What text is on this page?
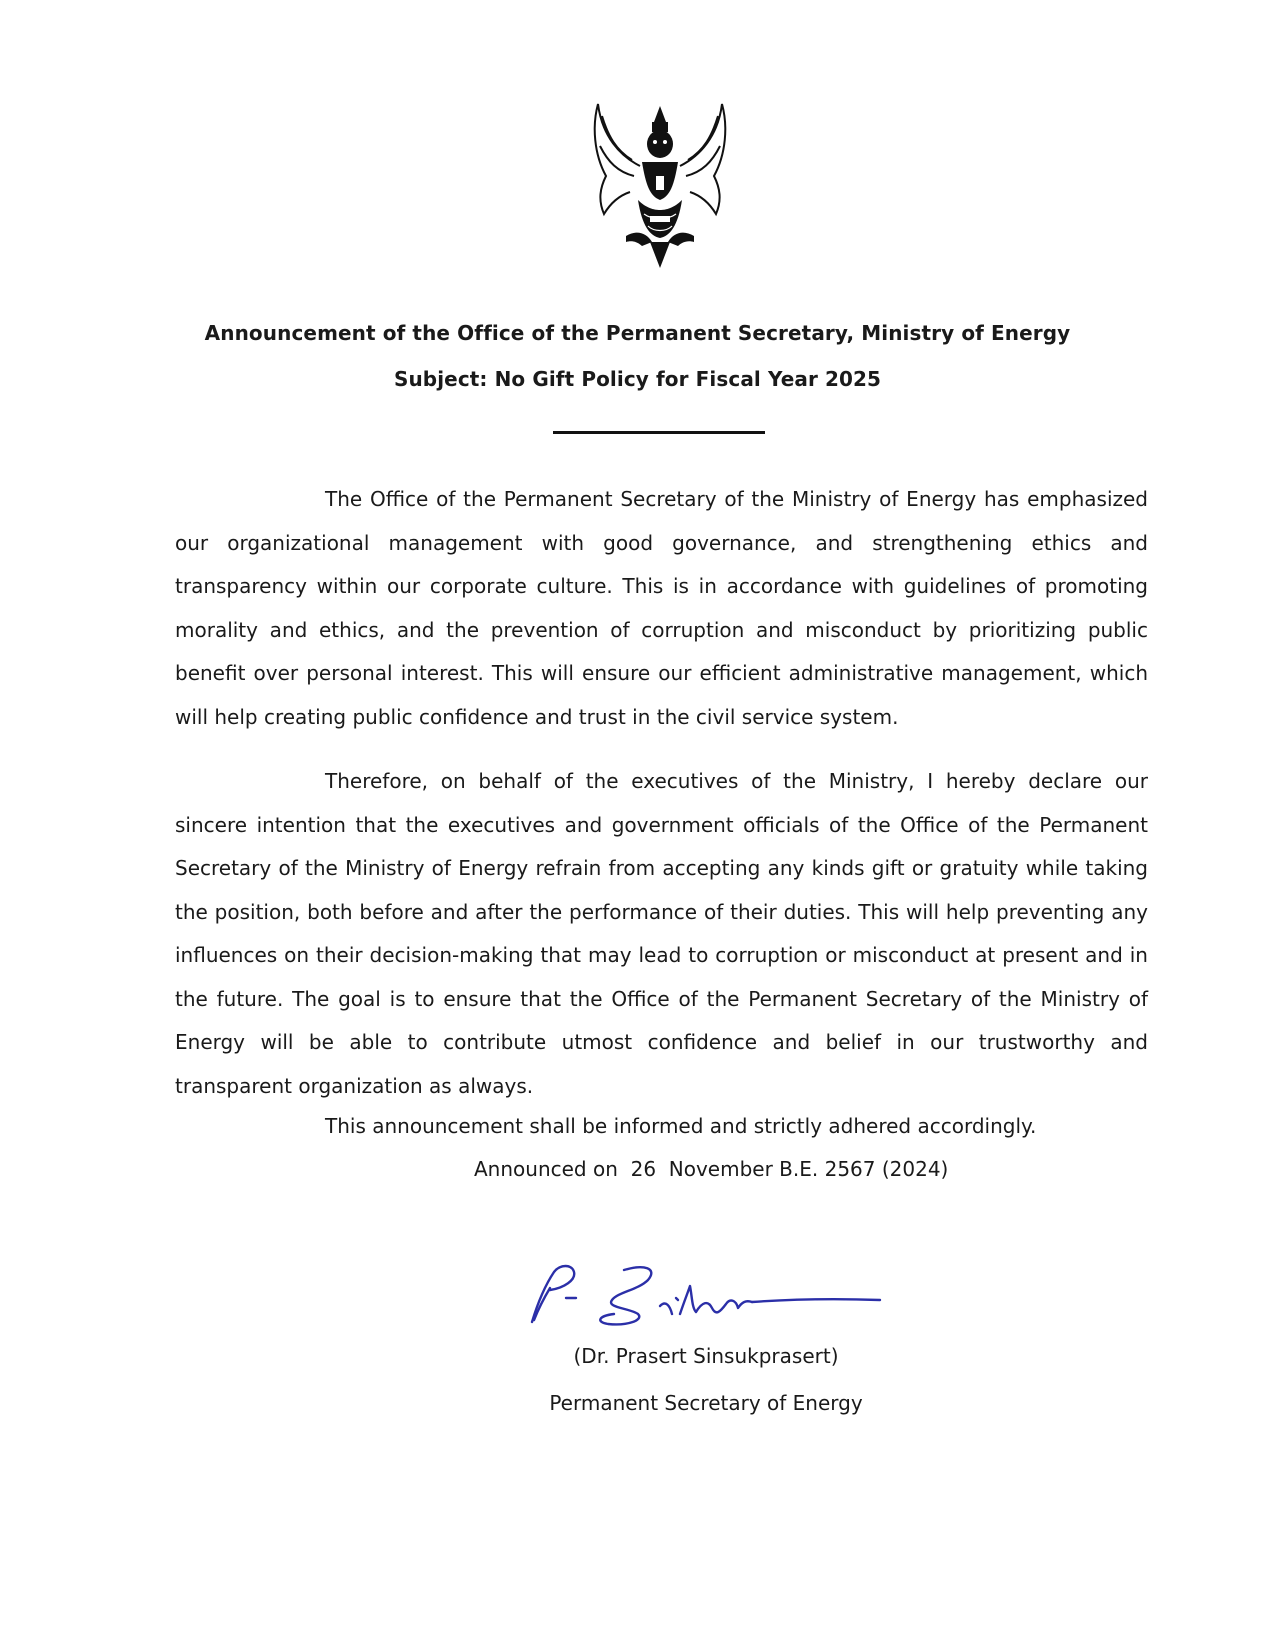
Announcement of the Office of the Permanent Secretary, Ministry of Energy
Subject: No Gift Policy for Fiscal Year 2025

The Office of the Permanent Secretary of the Ministry of Energy has emphasized our organizational management with good governance, and strengthening ethics and transparency within our corporate culture. This is in accordance with guidelines of promoting morality and ethics, and the prevention of corruption and misconduct by prioritizing public benefit over personal interest. This will ensure our efficient administrative management, which will help creating public confidence and trust in the civil service system.

Therefore, on behalf of the executives of the Ministry, I hereby declare our sincere intention that the executives and government officials of the Office of the Permanent Secretary of the Ministry of Energy refrain from accepting any kinds gift or gratuity while taking the position, both before and after the performance of their duties. This will help preventing any influences on their decision-making that may lead to corruption or misconduct at present and in the future. The goal is to ensure that the Office of the Permanent Secretary of the Ministry of Energy will be able to contribute utmost confidence and belief in our trustworthy and transparent organization as always.

This announcement shall be informed and strictly adhered accordingly.
Announced on  26  November B.E. 2567 (2024)
(Dr. Prasert Sinsukprasert)
Permanent Secretary of Energy
